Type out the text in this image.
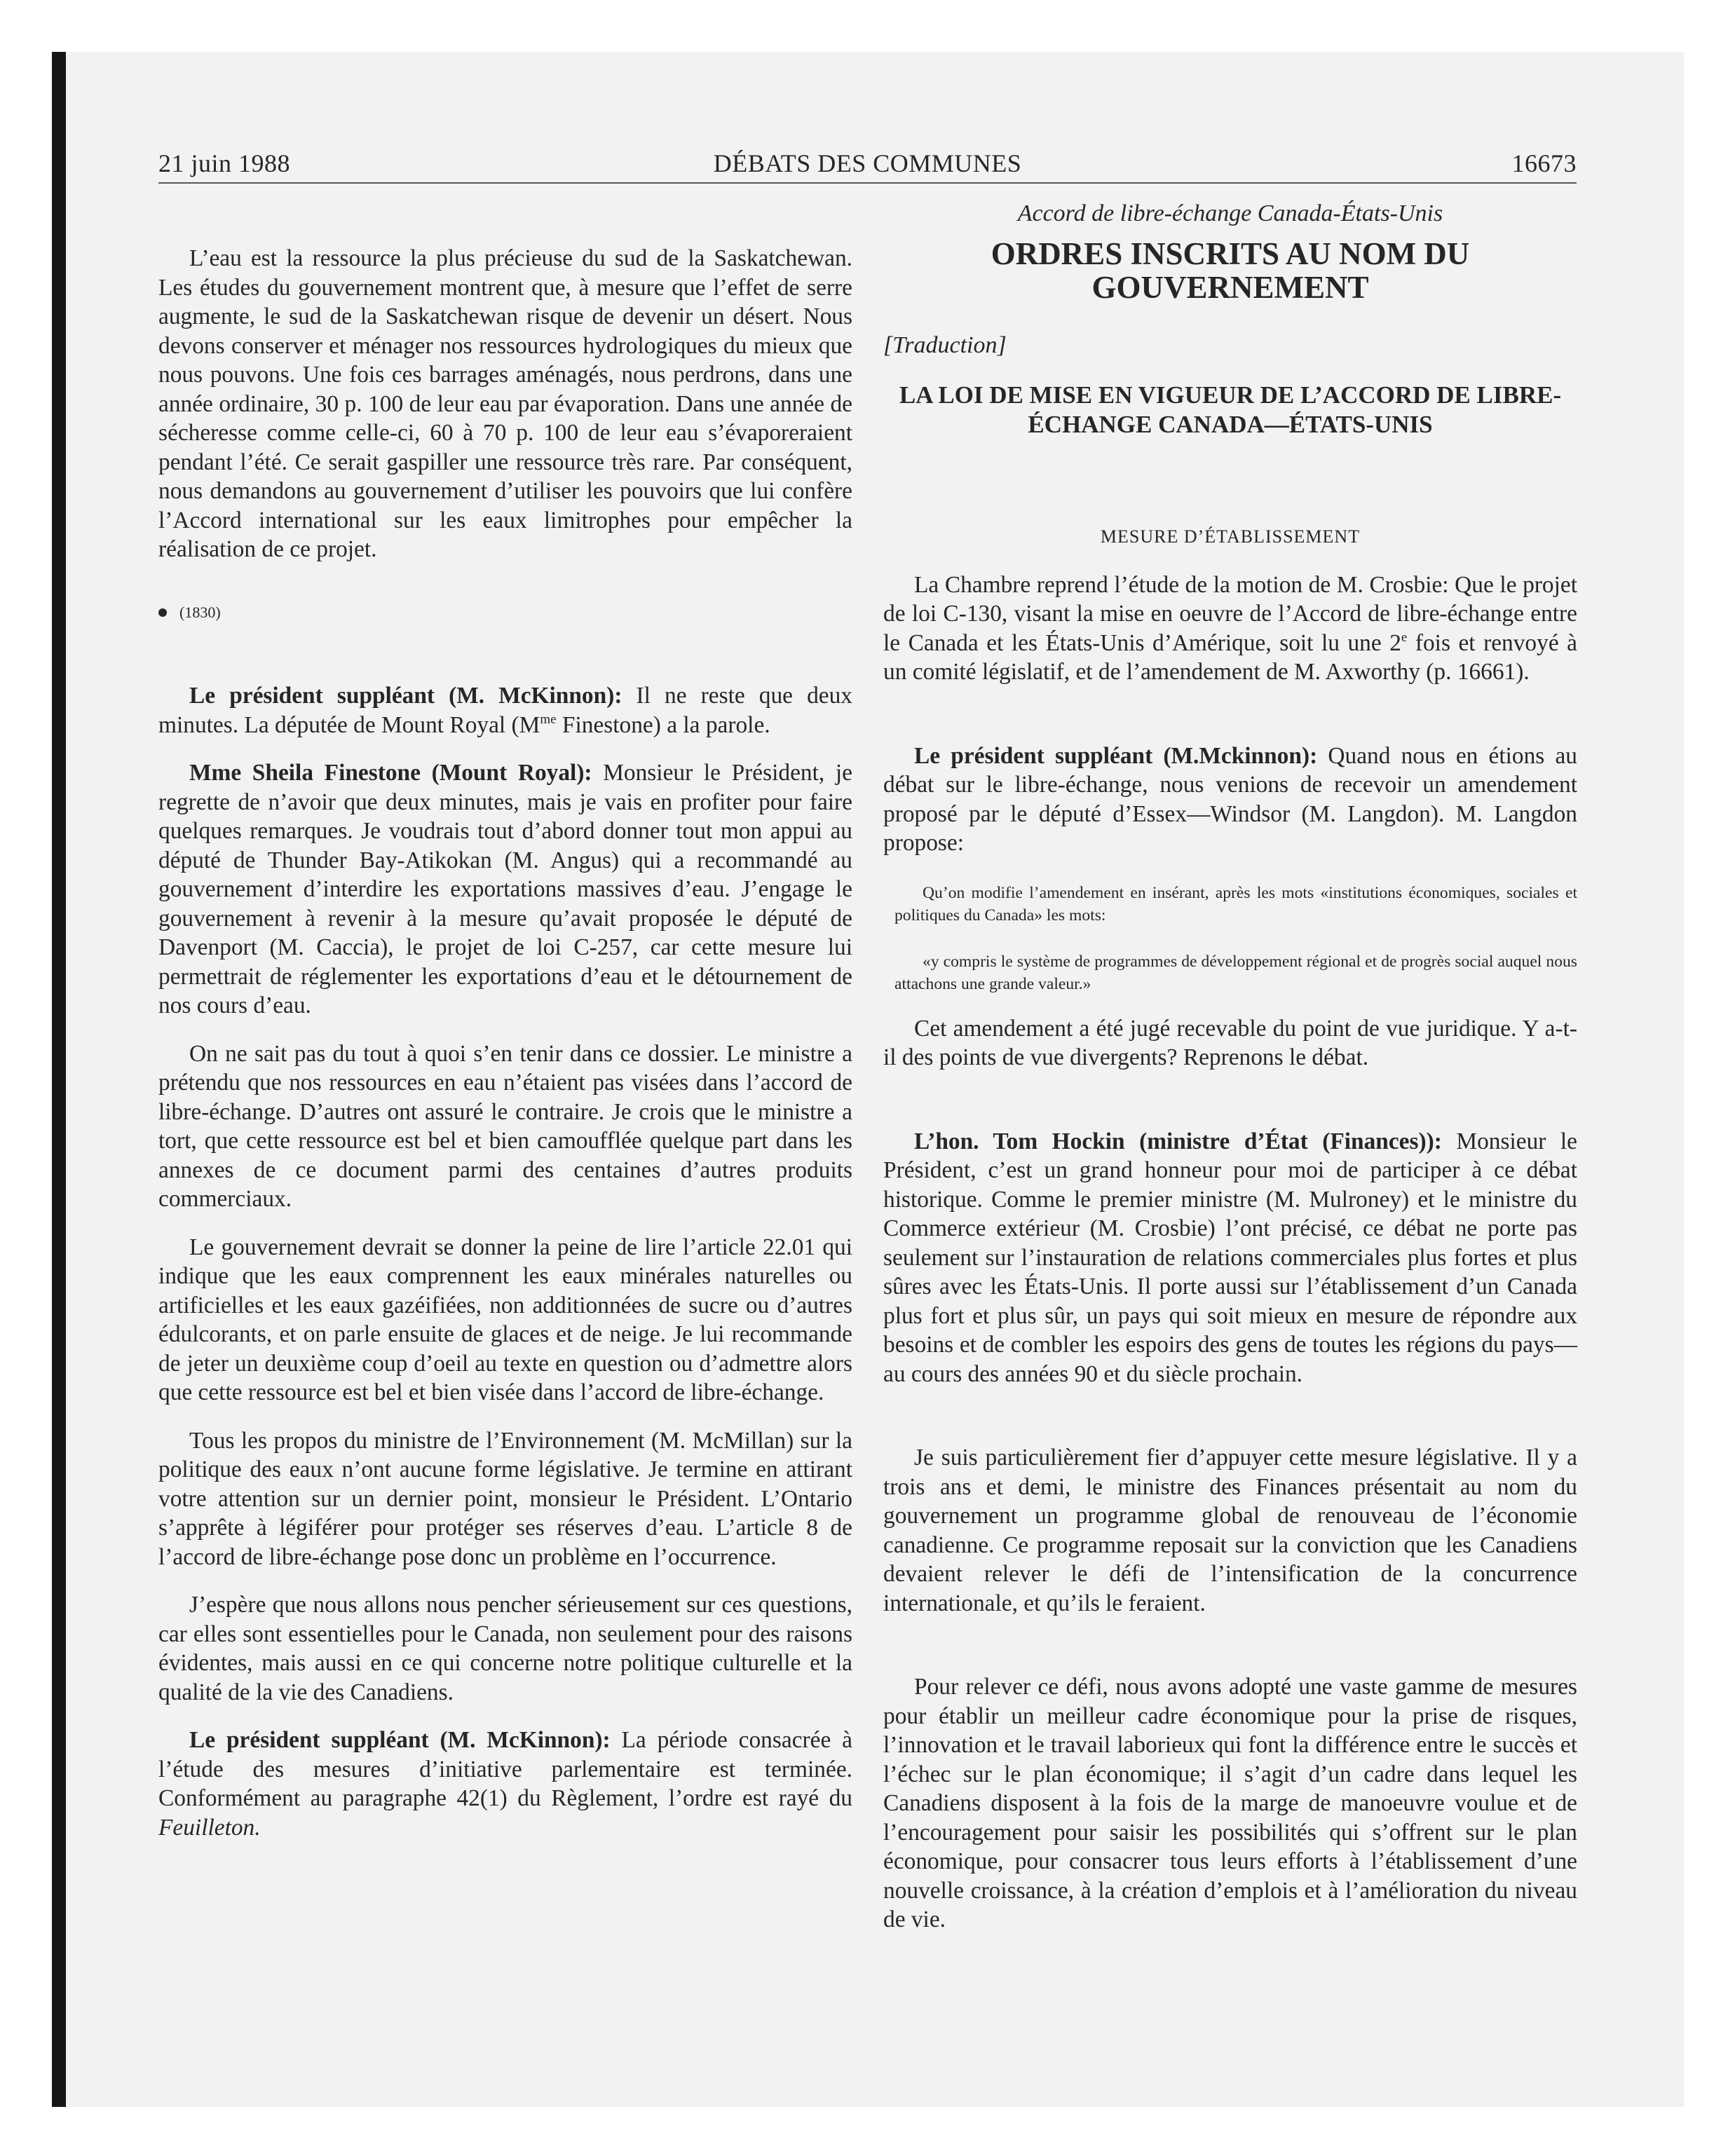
21 juin 1988	DÉBATS DES COMMUNES	16673

L’eau est la ressource la plus précieuse du sud de la Saskatchewan. Les études du gouvernement montrent que, à mesure que l’effet de serre augmente, le sud de la Saskatchewan risque de devenir un désert. Nous devons conserver et ménager nos ressources hydrologiques du mieux que nous pouvons. Une fois ces barrages aménagés, nous perdrons, dans une année ordinaire, 30 p. 100 de leur eau par évaporation. Dans une année de sécheresse comme celle-ci, 60 à 70 p. 100 de leur eau s’évaporeraient pendant l’été. Ce serait gaspiller une ressource très rare. Par conséquent, nous demandons au gouvernement d’utiliser les pouvoirs que lui confère l’Accord international sur les eaux limitrophes pour empêcher la réalisation de ce projet.

(1830)

Le président suppléant (M. McKinnon): Il ne reste que deux minutes. La députée de Mount Royal ($M^{me}$ Finestone) a la parole.

Mme Sheila Finestone (Mount Royal): Monsieur le Président, je regrette de n’avoir que deux minutes, mais je vais en profiter pour faire quelques remarques. Je voudrais tout d’abord donner tout mon appui au député de Thunder Bay-Atikokan (M. Angus) qui a recommandé au gouvernement d’interdire les exportations massives d’eau. J’engage le gouvernement à revenir à la mesure qu’avait proposée le député de Davenport (M. Caccia), le projet de loi C-257, car cette mesure lui permettrait de réglementer les exportations d’eau et le détournement de nos cours d’eau.

On ne sait pas du tout à quoi s’en tenir dans ce dossier. Le ministre a prétendu que nos ressources en eau n’étaient pas visées dans l’accord de libre-échange. D’autres ont assuré le contraire. Je crois que le ministre a tort, que cette ressource est bel et bien camoufflée quelque part dans les annexes de ce document parmi des centaines d’autres produits commerciaux.

Le gouvernement devrait se donner la peine de lire l’article 22.01 qui indique que les eaux comprennent les eaux minérales naturelles ou artificielles et les eaux gazéifiées, non additionnées de sucre ou d’autres édulcorants, et on parle ensuite de glaces et de neige. Je lui recommande de jeter un deuxième coup d’oeil au texte en question ou d’admettre alors que cette ressource est bel et bien visée dans l’accord de libre-échange.

Tous les propos du ministre de l’Environnement (M. McMillan) sur la politique des eaux n’ont aucune forme législative. Je termine en attirant votre attention sur un dernier point, monsieur le Président. L’Ontario s’apprête à légiférer pour protéger ses réserves d’eau. L’article 8 de l’accord de libre-échange pose donc un problème en l’occurrence.

J’espère que nous allons nous pencher sérieusement sur ces questions, car elles sont essentielles pour le Canada, non seulement pour des raisons évidentes, mais aussi en ce qui concerne notre politique culturelle et la qualité de la vie des Canadiens.

Le président suppléant (M. McKinnon): La période consacrée à l’étude des mesures d’initiative parlementaire est terminée. Conformément au paragraphe 42(1) du Règlement, l’ordre est rayé du Feuilleton.

Accord de libre-échange Canada-États-Unis

ORDRES INSCRITS AU NOM DU GOUVERNEMENT

[Traduction]

LA LOI DE MISE EN VIGUEUR DE L’ACCORD DE LIBRE-ÉCHANGE CANADA—ÉTATS-UNIS

MESURE D’ÉTABLISSEMENT

La Chambre reprend l’étude de la motion de M. Crosbie: Que le projet de loi C-130, visant la mise en oeuvre de l’Accord de libre-échange entre le Canada et les États-Unis d’Amérique, soit lu une 2e fois et renvoyé à un comité législatif, et de l’amendement de M. Axworthy (p. 16661).

Le président suppléant (M.Mckinnon): Quand nous en étions au débat sur le libre-échange, nous venions de recevoir un amendement proposé par le député d’Essex—Windsor (M. Langdon). M. Langdon propose:

Qu’on modifie l’amendement en insérant, après les mots «institutions économiques, sociales et politiques du Canada» les mots:

«y compris le système de programmes de développement régional et de progrès social auquel nous attachons une grande valeur.»

Cet amendement a été jugé recevable du point de vue juridique. Y a-t-il des points de vue divergents? Reprenons le débat.

L’hon. Tom Hockin (ministre d’État (Finances)): Monsieur le Président, c’est un grand honneur pour moi de participer à ce débat historique. Comme le premier ministre (M. Mulroney) et le ministre du Commerce extérieur (M. Crosbie) l’ont précisé, ce débat ne porte pas seulement sur l’instauration de relations commerciales plus fortes et plus sûres avec les États-Unis. Il porte aussi sur l’établissement d’un Canada plus fort et plus sûr, un pays qui soit mieux en mesure de répondre aux besoins et de combler les espoirs des gens de toutes les régions du pays—au cours des années 90 et du siècle prochain.

Je suis particulièrement fier d’appuyer cette mesure législative. Il y a trois ans et demi, le ministre des Finances présentait au nom du gouvernement un programme global de renouveau de l’économie canadienne. Ce programme reposait sur la conviction que les Canadiens devaient relever le défi de l’intensification de la concurrence internationale, et qu’ils le feraient.

Pour relever ce défi, nous avons adopté une vaste gamme de mesures pour établir un meilleur cadre économique pour la prise de risques, l’innovation et le travail laborieux qui font la différence entre le succès et l’échec sur le plan économique; il s’agit d’un cadre dans lequel les Canadiens disposent à la fois de la marge de manoeuvre voulue et de l’encouragement pour saisir les possibilités qui s’offrent sur le plan économique, pour consacrer tous leurs efforts à l’établissement d’une nouvelle croissance, à la création d’emplois et à l’amélioration du niveau de vie.
